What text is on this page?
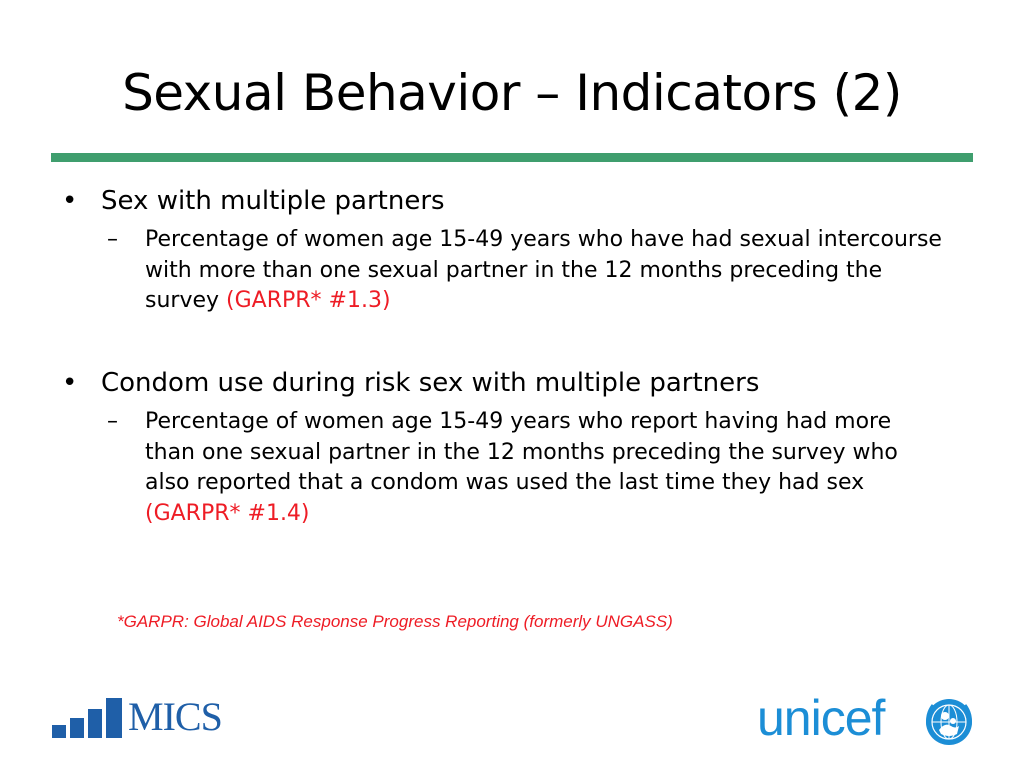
Sexual Behavior – Indicators (2)
• Sex with multiple partners
– Percentage of women age 15-49 years who have had sexual intercourse with more than one sexual partner in the 12 months preceding the survey (GARPR* #1.3)
• Condom use during risk sex with multiple partners
– Percentage of women age 15-49 years who report having had more than one sexual partner in the 12 months preceding the survey who also reported that a condom was used the last time they had sex (GARPR* #1.4)
*GARPR: Global AIDS Response Progress Reporting (formerly UNGASS)
MICS	unicef
